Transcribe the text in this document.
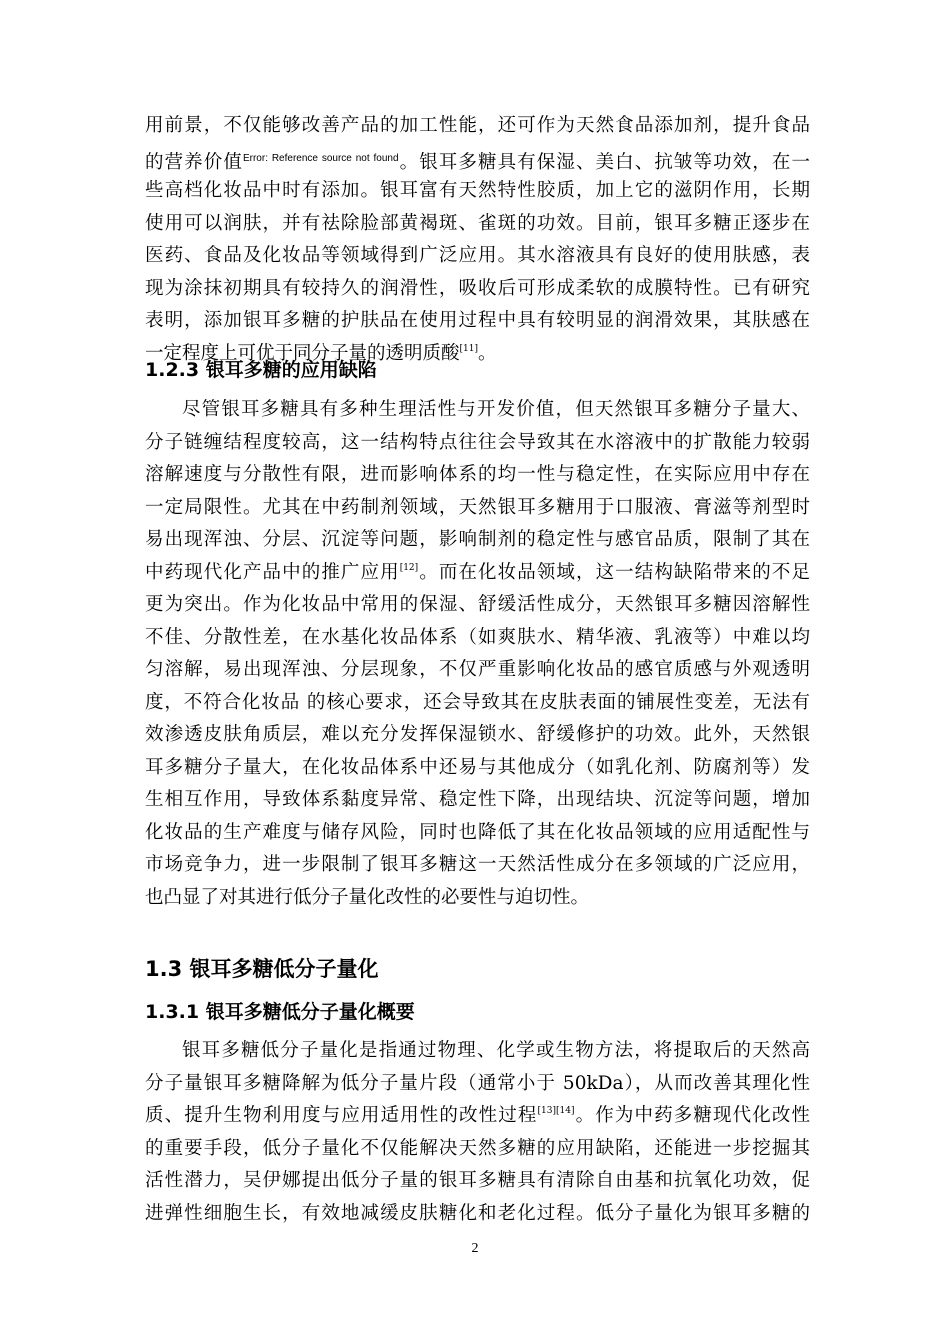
用前景，不仅能够改善产品的加工性能，还可作为天然食品添加剂，提升食品
的营养价值$^{Error: Reference source not found}$。银耳多糖具有保湿、美白、抗皱等功效，在一
些高档化妆品中时有添加。银耳富有天然特性胶质，加上它的滋阴作用，长期
使用可以润肤，并有祛除脸部黄褐斑、雀斑的功效。目前，银耳多糖正逐步在
医药、食品及化妆品等领域得到广泛应用。其水溶液具有良好的使用肤感，表
现为涂抹初期具有较持久的润滑性，吸收后可形成柔软的成膜特性。已有研究
表明，添加银耳多糖的护肤品在使用过程中具有较明显的润滑效果，其肤感在
一定程度上可优于同分子量的透明质酸[11]。
1.2.3 银耳多糖的应用缺陷
尽管银耳多糖具有多种生理活性与开发价值，但天然银耳多糖分子量大、
分子链缠结程度较高，这一结构特点往往会导致其在水溶液中的扩散能力较弱
溶解速度与分散性有限，进而影响体系的均一性与稳定性，在实际应用中存在
一定局限性。尤其在中药制剂领域，天然银耳多糖用于口服液、膏滋等剂型时
易出现浑浊、分层、沉淀等问题，影响制剂的稳定性与感官品质，限制了其在
中药现代化产品中的推广应用[12]。而在化妆品领域，这一结构缺陷带来的不足
更为突出。作为化妆品中常用的保湿、舒缓活性成分，天然银耳多糖因溶解性
不佳、分散性差，在水基化妆品体系（如爽肤水、精华液、乳液等）中难以均
匀溶解，易出现浑浊、分层现象，不仅严重影响化妆品的感官质感与外观透明
度，不符合化妆品 的核心要求，还会导致其在皮肤表面的铺展性变差，无法有
效渗透皮肤角质层，难以充分发挥保湿锁水、舒缓修护的功效。此外，天然银
耳多糖分子量大，在化妆品体系中还易与其他成分（如乳化剂、防腐剂等）发
生相互作用，导致体系黏度异常、稳定性下降，出现结块、沉淀等问题，增加
化妆品的生产难度与储存风险，同时也降低了其在化妆品领域的应用适配性与
市场竞争力，进一步限制了银耳多糖这一天然活性成分在多领域的广泛应用，
也凸显了对其进行低分子量化改性的必要性与迫切性。
1.3 银耳多糖低分子量化
1.3.1 银耳多糖低分子量化概要
银耳多糖低分子量化是指通过物理、化学或生物方法，将提取后的天然高
分子量银耳多糖降解为低分子量片段（通常小于 50kDa），从而改善其理化性
质、提升生物利用度与应用适用性的改性过程[13][14]。作为中药多糖现代化改性
的重要手段，低分子量化不仅能解决天然多糖的应用缺陷，还能进一步挖掘其
活性潜力，吴伊娜提出低分子量的银耳多糖具有清除自由基和抗氧化功效，促
进弹性细胞生长，有效地减缓皮肤糖化和老化过程。低分子量化为银耳多糖的
2
